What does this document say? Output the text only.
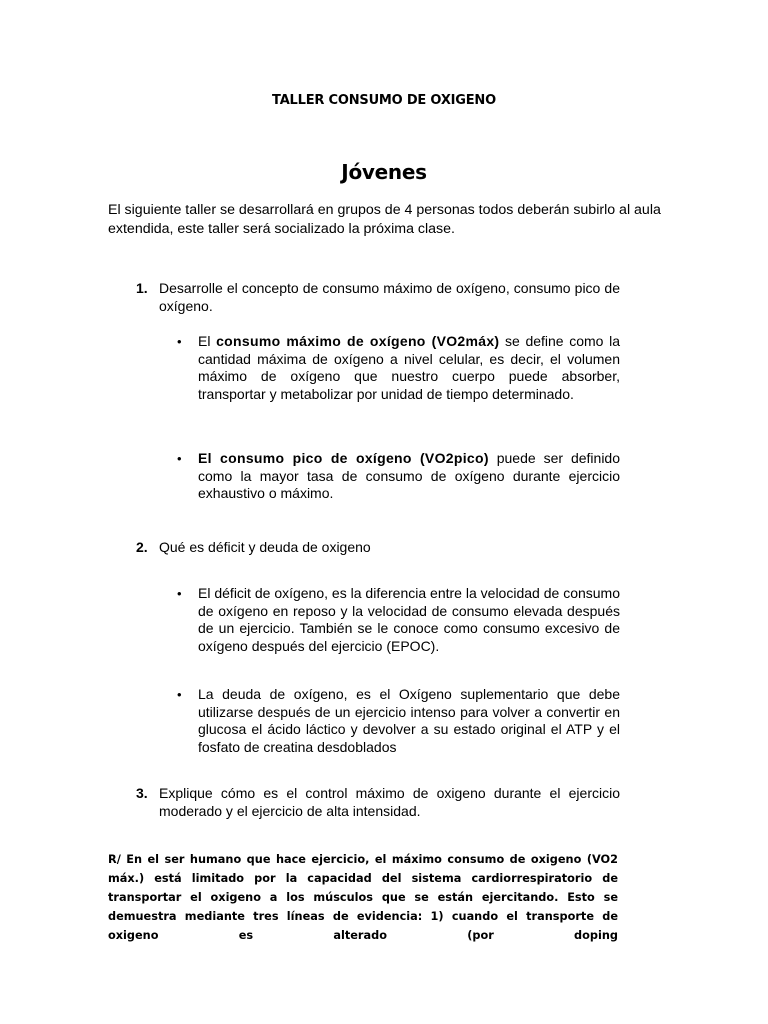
TALLER CONSUMO DE OXIGENO
Jóvenes

El siguiente taller se desarrollará en grupos de 4 personas todos deberán subirlo al aula extendida, este taller será socializado la próxima clase.

1. Desarrolle el concepto de consumo máximo de oxígeno, consumo pico de oxígeno.
• El consumo máximo de oxígeno (VO2máx) se define como la cantidad máxima de oxígeno a nivel celular, es decir, el volumen máximo de oxígeno que nuestro cuerpo puede absorber, transportar y metabolizar por unidad de tiempo determinado.
• El consumo pico de oxígeno (VO2pico) puede ser definido como la mayor tasa de consumo de oxígeno durante ejercicio exhaustivo o máximo.
2. Qué es déficit y deuda de oxigeno
• El déficit de oxígeno, es la diferencia entre la velocidad de consumo de oxígeno en reposo y la velocidad de consumo elevada después de un ejercicio. También se le conoce como consumo excesivo de oxígeno después del ejercicio (EPOC).
• La deuda de oxígeno, es el Oxígeno suplementario que debe utilizarse después de un ejercicio intenso para volver a convertir en glucosa el ácido láctico y devolver a su estado original el ATP y el fosfato de creatina desdoblados
3. Explique cómo es el control máximo de oxigeno durante el ejercicio moderado y el ejercicio de alta intensidad.

R/ En el ser humano que hace ejercicio, el máximo consumo de oxigeno (VO2 máx.) está limitado por la capacidad del sistema cardiorrespiratorio de transportar el oxigeno a los músculos que se están ejercitando. Esto se demuestra mediante tres líneas de evidencia: 1) cuando el transporte de oxigeno es alterado (por doping
